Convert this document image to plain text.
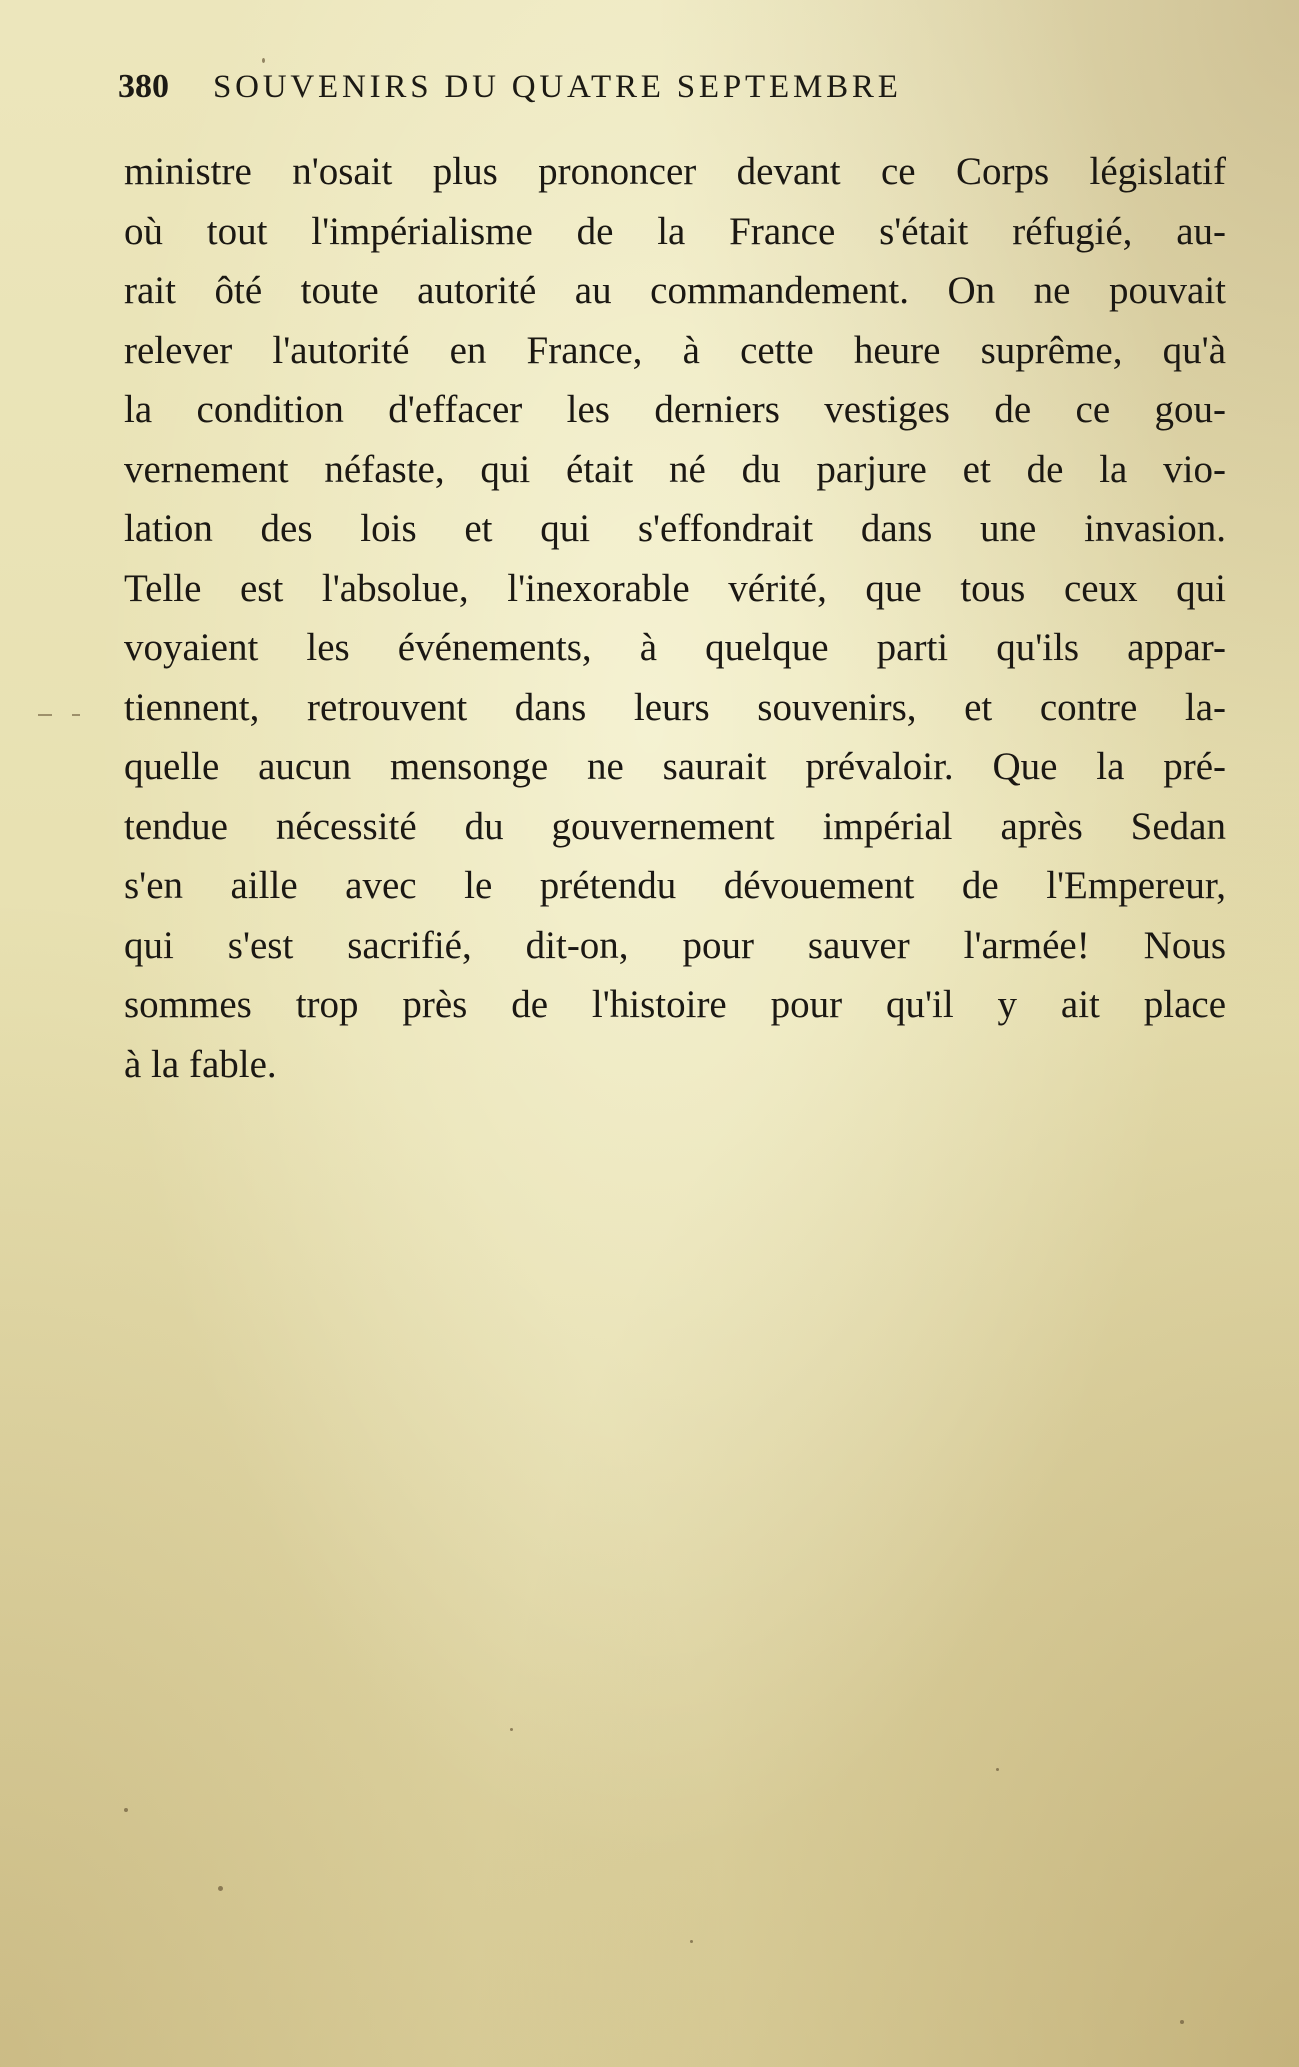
380 SOUVENIRS DU QUATRE SEPTEMBRE
ministre n'osait plus prononcer devant ce Corps législatif
où tout l'impérialisme de la France s'était réfugié, au-
rait ôté toute autorité au commandement. On ne pouvait
relever l'autorité en France, à cette heure suprême, qu'à
la condition d'effacer les derniers vestiges de ce gou-
vernement néfaste, qui était né du parjure et de la vio-
lation des lois et qui s'effondrait dans une invasion.
Telle est l'absolue, l'inexorable vérité, que tous ceux qui
voyaient les événements, à quelque parti qu'ils appar-
tiennent, retrouvent dans leurs souvenirs, et contre la-
quelle aucun mensonge ne saurait prévaloir. Que la pré-
tendue nécessité du gouvernement impérial après Sedan
s'en aille avec le prétendu dévouement de l'Empereur,
qui s'est sacrifié, dit-on, pour sauver l'armée! Nous
sommes trop près de l'histoire pour qu'il y ait place
à la fable.
